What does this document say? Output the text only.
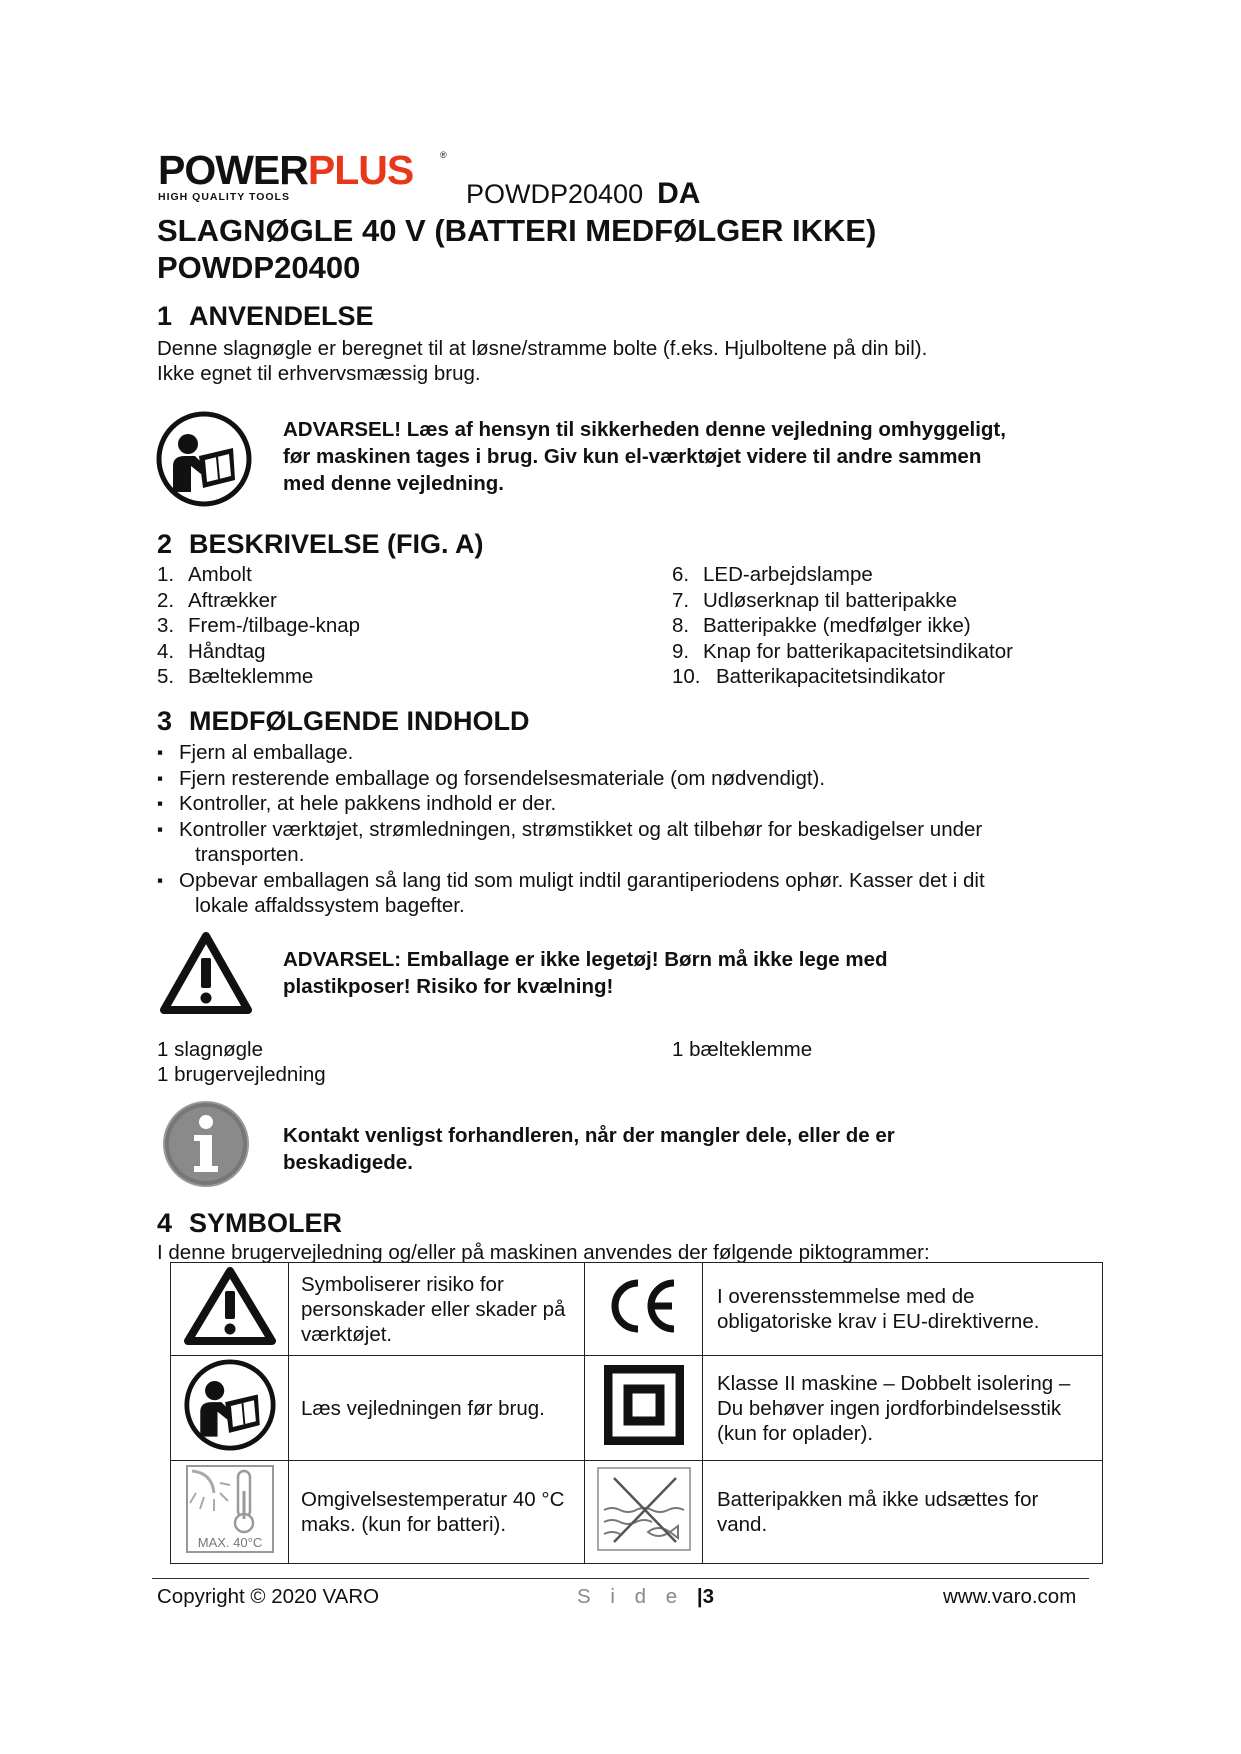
POWERPLUS	®
HIGH QUALITY TOOLS	POWDP20400 DA
SLAGNØGLE 40 V (BATTERI MEDFØLGER IKKE)
POWDP20400
1 ANVENDELSE
Denne slagnøgle er beregnet til at løsne/stramme bolte (f.eks. Hjulboltene på din bil).
Ikke egnet til erhvervsmæssig brug.
ADVARSEL! Læs af hensyn til sikkerheden denne vejledning omhyggeligt,
før maskinen tages i brug. Giv kun el-værktøjet videre til andre sammen
med denne vejledning.
2 BESKRIVELSE (FIG. A)
1. Ambolt
2. Aftrækker
3. Frem-/tilbage-knap
4. Håndtag
5. Bælteklemme
6. LED-arbejdslampe
7. Udløserknap til batteripakke
8. Batteripakke (medfølger ikke)
9. Knap for batterikapacitetsindikator
10. Batterikapacitetsindikator
3 MEDFØLGENDE INDHOLD
▪ Fjern al emballage.
▪ Fjern resterende emballage og forsendelsesmateriale (om nødvendigt).
▪ Kontroller, at hele pakkens indhold er der.
▪ Kontroller værktøjet, strømledningen, strømstikket og alt tilbehør for beskadigelser under
transporten.
▪ Opbevar emballagen så lang tid som muligt indtil garantiperiodens ophør. Kasser det i dit
lokale affaldssystem bagefter.
ADVARSEL: Emballage er ikke legetøj! Børn må ikke lege med
plastikposer! Risiko for kvælning!
1 slagnøgle
1 brugervejledning
1 bælteklemme
Kontakt venligst forhandleren, når der mangler dele, eller de er
beskadigede.
4 SYMBOLER
I denne brugervejledning og/eller på maskinen anvendes der følgende piktogrammer:
	Symboliserer risiko for personskader eller skader på værktøjet.		I overensstemmelse med de obligatoriske krav i EU-direktiverne.
	Læs vejledningen før brug.		Klasse II maskine – Dobbelt isolering – Du behøver ingen jordforbindelsesstik (kun for oplader).

MAX. 40°C	Omgivelsestemperatur 40 °C maks. (kun for batteri).		Batteripakken må ikke udsættes for vand.
Copyright © 2020 VARO	S i d e |3	www.varo.com
